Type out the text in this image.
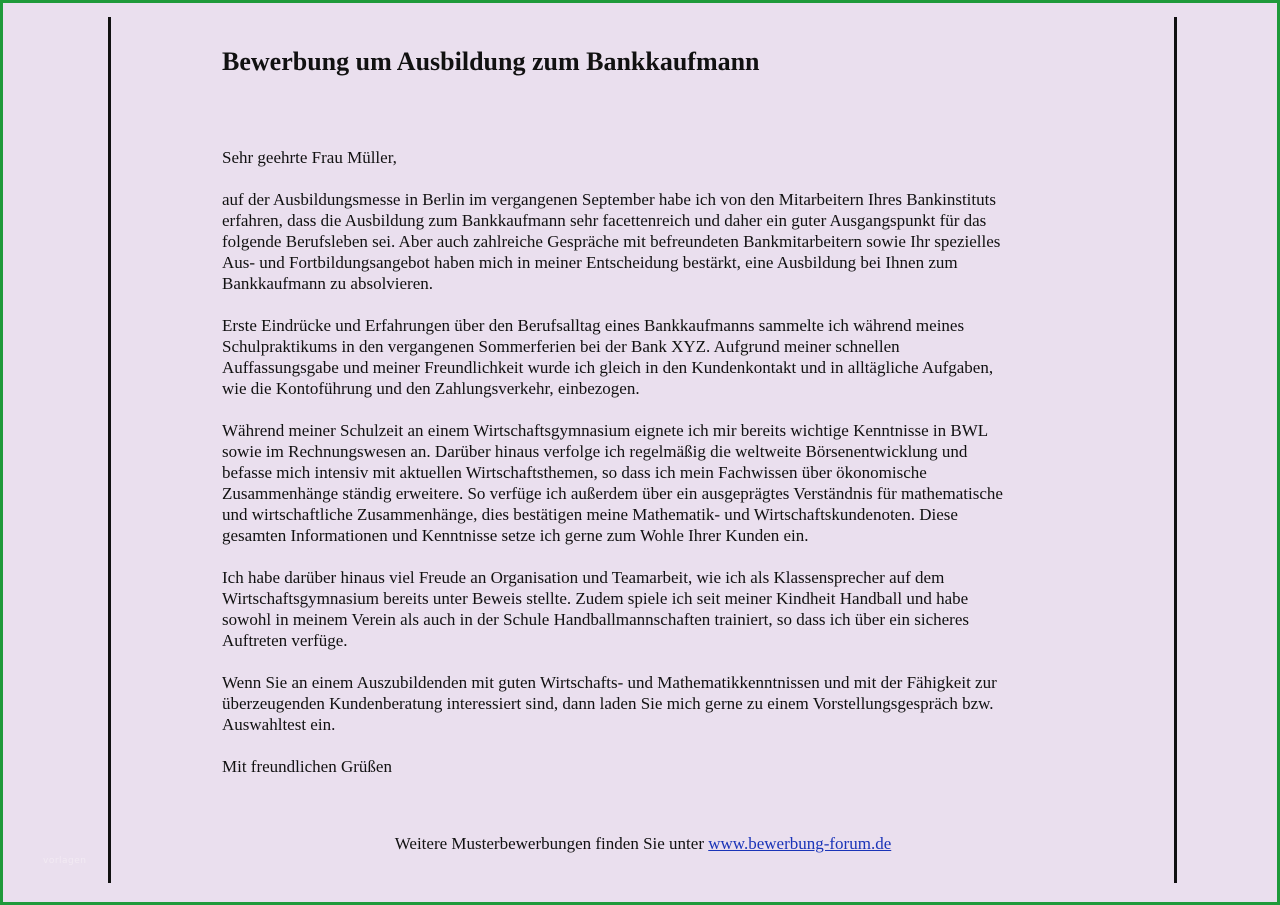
vorlagen
Bewerbung um Ausbildung zum Bankkaufmann

Sehr geehrte Frau Müller,

auf der Ausbildungsmesse in Berlin im vergangenen September habe ich von den Mitarbeitern Ihres Bankinstituts
erfahren, dass die Ausbildung zum Bankkaufmann sehr facettenreich und daher ein guter Ausgangspunkt für das
folgende Berufsleben sei. Aber auch zahlreiche Gespräche mit befreundeten Bankmitarbeitern sowie Ihr spezielles
Aus- und Fortbildungsangebot haben mich in meiner Entscheidung bestärkt, eine Ausbildung bei Ihnen zum
Bankkaufmann zu absolvieren.

Erste Eindrücke und Erfahrungen über den Berufsalltag eines Bankkaufmanns sammelte ich während meines
Schulpraktikums in den vergangenen Sommerferien bei der Bank XYZ. Aufgrund meiner schnellen
Auffassungsgabe und meiner Freundlichkeit wurde ich gleich in den Kundenkontakt und in alltägliche Aufgaben,
wie die Kontoführung und den Zahlungsverkehr, einbezogen.

Während meiner Schulzeit an einem Wirtschaftsgymnasium eignete ich mir bereits wichtige Kenntnisse in BWL
sowie im Rechnungswesen an. Darüber hinaus verfolge ich regelmäßig die weltweite Börsenentwicklung und
befasse mich intensiv mit aktuellen Wirtschaftsthemen, so dass ich mein Fachwissen über ökonomische
Zusammenhänge ständig erweitere. So verfüge ich außerdem über ein ausgeprägtes Verständnis für mathematische
und wirtschaftliche Zusammenhänge, dies bestätigen meine Mathematik- und Wirtschaftskundenoten. Diese
gesamten Informationen und Kenntnisse setze ich gerne zum Wohle Ihrer Kunden ein.

Ich habe darüber hinaus viel Freude an Organisation und Teamarbeit, wie ich als Klassensprecher auf dem
Wirtschaftsgymnasium bereits unter Beweis stellte. Zudem spiele ich seit meiner Kindheit Handball und habe
sowohl in meinem Verein als auch in der Schule Handballmannschaften trainiert, so dass ich über ein sicheres
Auftreten verfüge.

Wenn Sie an einem Auszubildenden mit guten Wirtschafts- und Mathematikkenntnissen und mit der Fähigkeit zur
überzeugenden Kundenberatung interessiert sind, dann laden Sie mich gerne zu einem Vorstellungsgespräch bzw.
Auswahltest ein.

Mit freundlichen Grüßen

Weitere Musterbewerbungen finden Sie unter www.bewerbung-forum.de
